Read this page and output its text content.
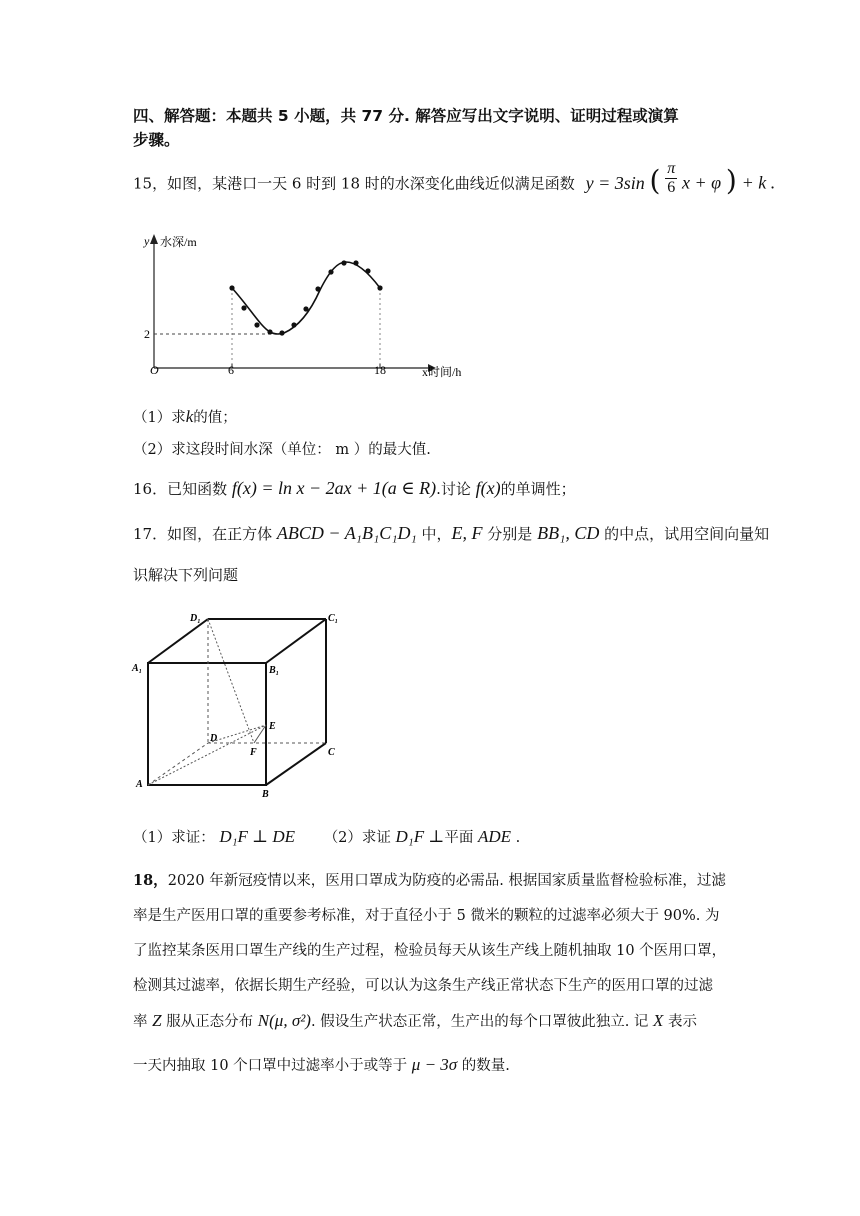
四、解答题：本题共 5 小题，共 77 分. 解答应写出文字说明、证明过程或演算
步骤。
15，如图，某港口一天 6 时到 18 时的水深变化曲线近似满足函数 y = 3sin ( $\frac{\pi}{6}$ x + φ ) + k .
y 水深/m
x时间/h
O
2
6	18
（1）求k的值；
（2）求这段时间水深（单位： m ）的最大值.
16．已知函数 f(x) = ln x − 2ax + 1(a ∈ R).讨论 f(x)的单调性；
17．如图，在正方体 ABCD − A₁B₁C₁D₁ 中，E, F 分别是 BB₁, CD 的中点，试用空间向量知
识解决下列问题
D₁	C₁
A₁	B₁
E
D
F	C
A
B
（1）求证： D₁F ⊥ DE （2）求证 D₁F ⊥平面 ADE .
18，2020 年新冠疫情以来，医用口罩成为防疫的必需品. 根据国家质量监督检验标准，过滤
率是生产医用口罩的重要参考标准，对于直径小于 5 微米的颗粒的过滤率必须大于 90%. 为
了监控某条医用口罩生产线的生产过程，检验员每天从该生产线上随机抽取 10 个医用口罩，
检测其过滤率，依据长期生产经验，可以认为这条生产线正常状态下生产的医用口罩的过滤
率 Z 服从正态分布 N(μ, σ²). 假设生产状态正常，生产出的每个口罩彼此独立. 记 X 表示
一天内抽取 10 个口罩中过滤率小于或等于 μ − 3σ 的数量.
